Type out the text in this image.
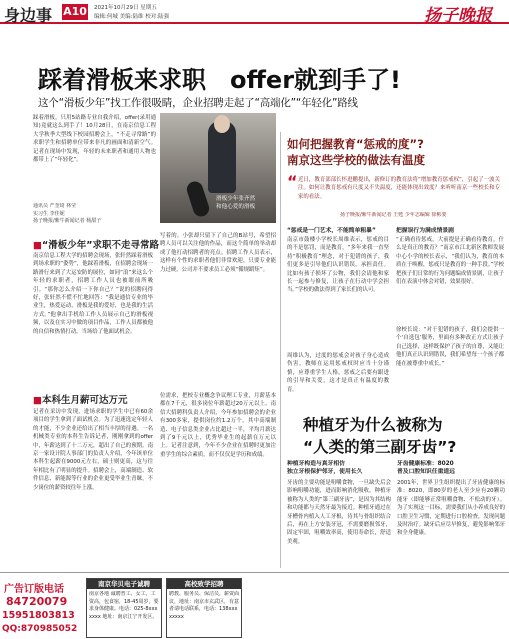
身边事 A10 2021年10月29日 星期五
编辑:何城 美编:陆维 校对:陆强	扬子晚报
踩着滑板来求职　offer就到手了!
这个“滑板少年”找工作很吸睛，企业招聘走起了“高端化”“年轻化”路线
踩着滑板，只用5站路专业自我介绍，offer(录用通知)竟就这么到手了！10月28日，在南京信息工程大学秋季大型线下校园招聘会上，“不走寻常路”的求职学生和招聘单位带来非凡的画面和清新空气。记者在现场中发现，年轻的未来职者和通用人物也都带上了“年轻化”。
通讯员 严奎琦 林莹
实习生 李佳妮
扬子晚报/紫牛新闻记者 杨甜子
滑板少年张齐然
和他心爱的滑板
■“滑板少年”求职不走寻常路
南京信息工程大学的招聘会现场，张轩然踩着滑板到场求职的“姿势”，他踩着滑板，在招聘会现场一路滑行来到了大运安防的展位，如同“浪”来这么个年轻的求职者，招聘工作人员也被眼前所吸引。“那你怎么介绍一下你自己？”说的招聘问得好，张轩然不慌不忙地回答：“我是通信专业的毕业生，热爱运动，滑板是我的爱好，也是我的生活方式。”他拿出手机给工作人员展示自己的滑板视频，以及在实习中做的项目作品，工作人员都被他的自信和热情打动，当场给了他面试机会。
写着的。小张却只留下了自己的B站号，希望招聘人员可以关注他的作品，而这个简单的举动却成了他打动招聘者的亮点。招聘工作人员表示，这样有个性的求职者他们非常欢迎，只要专业能力过硬，公司并不要求员工必须“循规蹈矩”。
■本科生月薪可达万元
记者在采访中发现，进场求职的学生中已有60余项目的学生拿到了面试机会。为了迅速选定年轻人的才能，不少企业还给出了相当丰厚的待遇。一名机械类专业的本科生告诉记者，刚刚拿到的offer中，年薪达到了十二万元，超出了自己的预期。南京一家设计院人事部门的负责人介绍，今年该单位本科生起薪在9000元左右，硕士则更高，这与往年相比有了明显的提升。招聘会上，高端制造、软件信息、新能源等行业的企业更受毕业生青睐，不少岗位的薪资较往年上涨。
位需求，把校专业概念争议理工专业，月薪基本都在7千元，很多岗位年薪超过20万元以上。南信大招聘科负责人介绍，今年参加招聘会的企业有300多家，提供岗位约1.2万个，其中高端制造、电子信息类企业占比超过一半，平均月薪达到了9千元以上，优秀毕业生的起薪在万元以上。记者注意到，今年不少企业在招聘时更加注重学生的综合素质，而不仅仅是学历和成绩。
如何把握教育“惩戒的度”?
南京这些学校的做法有温度
“ 近日，教育部部长怀进鹏提出，新修订的教育法将“增加教育惩戒权”，引起了一波关注。如何让教育惩戒有尺度又不失温度，还能体现出效度？来听听南京一些校长和专家的看法。
扬子晚报/紫牛新闻记者 王甦 少年志编辑 徐彬要
“惩戒是一门艺术，不能简单粗暴”
南京市鼓楼小学校长周维表示，惩戒的目的不是惩罚，而是教育。“多年来我一直坚持“积极教育”理念，对于犯错的孩子，我们更多是引导他们认识错误，承担责任。比如有孩子损坏了公物，我们会请他和家长一起参与修复，让孩子在行动中学会担当。”学校的做法得到了家长们的认可。
周维认为，过度的惩戒会对孩子身心造成伤害，教师在运用惩戒权时应当十分谨慎，应尊重学生人格，惩戒之后要有跟进的引导和关爱，这才是真正有温度的教育。
把握误行为满成情景剧
“正确看待惩戒，大前提是正确看待教育，什么是真正的教育？”南京市江北新区教师发展中心小学的校长表示，“我们认为，教育的本质在于唤醒，惩戒只是教育的一种手段。”学校把孩子们日常的行为问题编成情景剧，让孩子们在表演中体会对错，效果很好。
徐校长说：“对于犯错的孩子，我们会提供一个‘自选包’服务，里面有多种改正方式让孩子自己选择，这样既保护了孩子的自尊，又能让他们真正认识到错误，我们希望每一个孩子都能在被尊重中成长。”
种植牙为什么被称为
“人类的第三副牙齿”?
种植牙构造与真牙相仿
独立牙根保护邻牙，使用长久
牙齿的主要功能是咀嚼食物，一旦缺失后会影响咀嚼功能，进而影响消化吸收。种植牙被称为人类的“第三副牙齿”，是因为其结构和功能都与天然牙最为接近。种植牙通过在牙槽骨内植入人工牙根，待其与骨组织结合后，再在上方安装牙冠，不需要磨损邻牙，固定牢固，咀嚼效率高，使用寿命长，舒适美观。
牙齿健康标准：8020
普及口腔知识任重道远
2001年，世界卫生组织提出了牙齿健康的标准：8020，即80岁的老人至少应有20颗功能牙（即能够正常咀嚼食物、不松动的牙）。为了实现这一目标，需要我们从小养成良好的口腔卫生习惯，定期进行口腔检查，发现问题及时治疗。缺牙后应尽早修复，避免影响邻牙和全身健康。
广告订版电话
84720079
15951803813
QQ:870985052
南京华贝电子诚聘
南京各地 诚聘普工、女工，工资高，包食宿，18-45周岁，要求身体健康。电话：025-8xxxxxxx 地址：南京江宁开发区。
高校致学招聘
聘教、服务员、保洁员，薪资面议，地址：南京市玄武区，有意者请电话联系，电话：138xxxxxxxx
